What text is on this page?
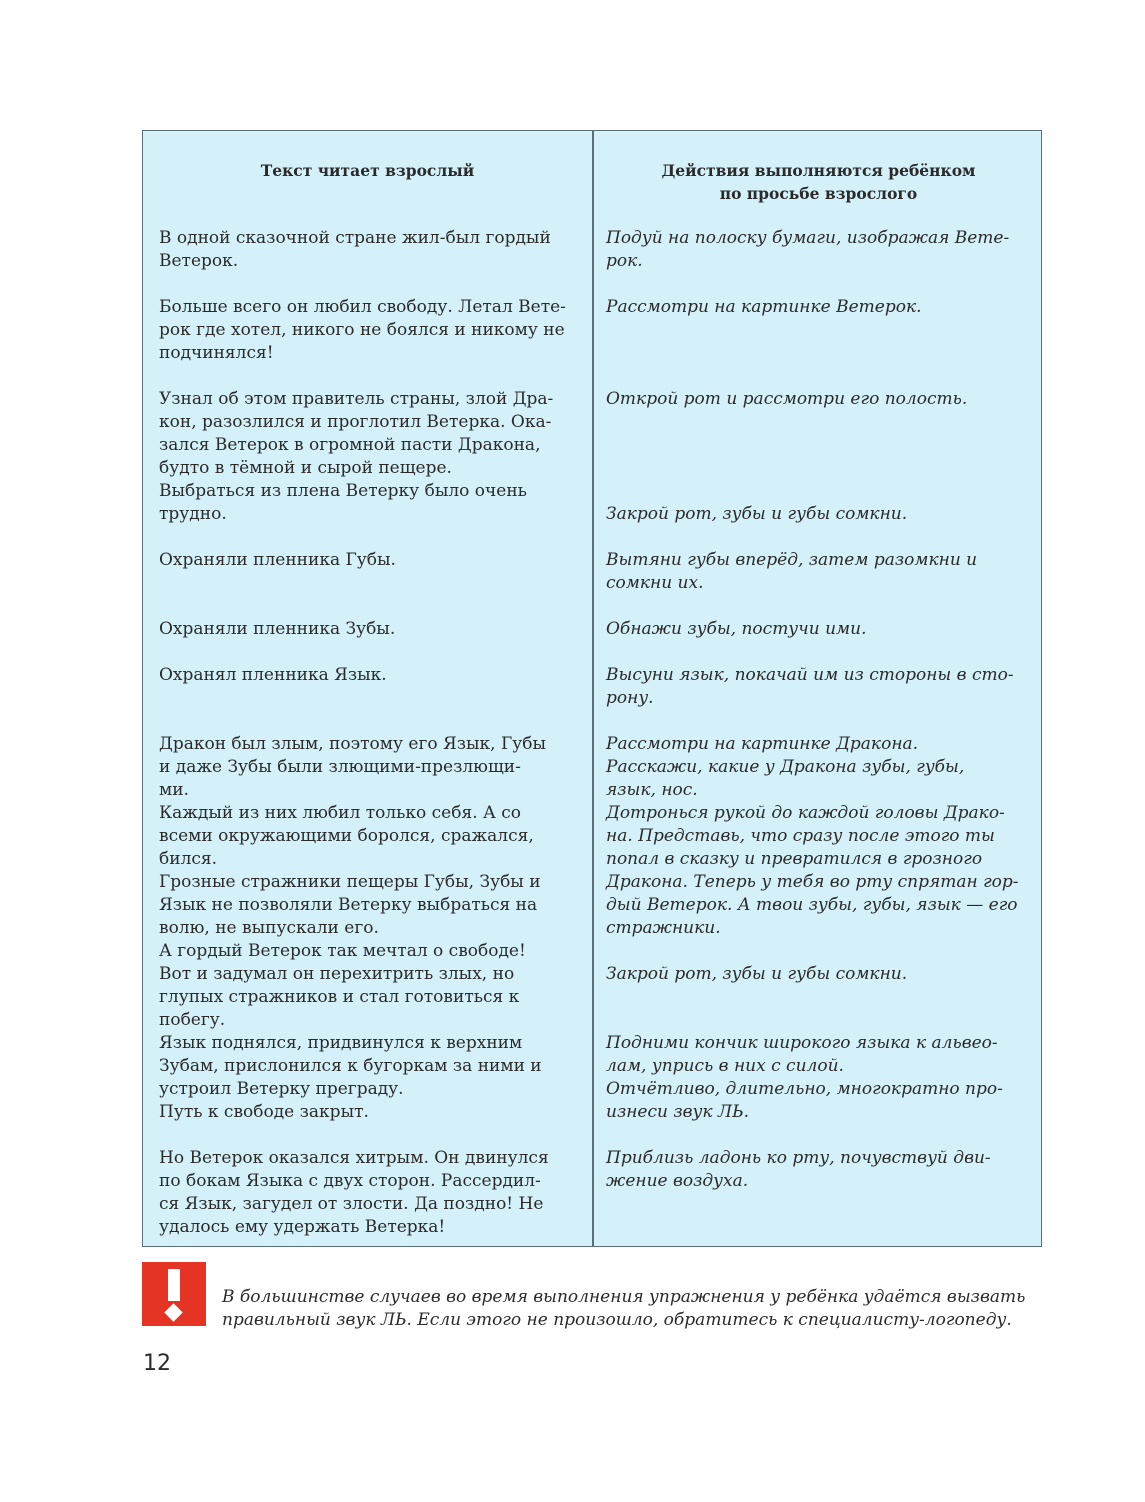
Текст читает взрослый	Действия выполняются ребёнком
по просьбе взрослого
В одной сказочной стране жил-был гордый
Ветерок.
Больше всего он любил свободу. Летал Вете-
рок где хотел, никого не боялся и никому не
подчинялся!
Узнал об этом правитель страны, злой Дра-
кон, разозлился и проглотил Ветерка. Ока-
зался Ветерок в огромной пасти Дракона,
будто в тёмной и сырой пещере.
Выбраться из плена Ветерку было очень
трудно.
Охраняли пленника Губы.
Охраняли пленника Зубы.
Охранял пленника Язык.
Дракон был злым, поэтому его Язык, Губы
и даже Зубы были злющими-презлющи-
ми.
Каждый из них любил только себя. А со
всеми окружающими боролся, сражался,
бился.
Грозные стражники пещеры Губы, Зубы и
Язык не позволяли Ветерку выбраться на
волю, не выпускали его.
А гордый Ветерок так мечтал о свободе!
Вот и задумал он перехитрить злых, но
глупых стражников и стал готовиться к
побегу.
Язык поднялся, придвинулся к верхним
Зубам, прислонился к бугоркам за ними и
устроил Ветерку преграду.
Путь к свободе закрыт.
Но Ветерок оказался хитрым. Он двинулся
по бокам Языка с двух сторон. Рассердил-
ся Язык, загудел от злости. Да поздно! Не
удалось ему удержать Ветерка!
Подуй на полоску бумаги, изображая Вете-
рок.
Рассмотри на картинке Ветерок.
Открой рот и рассмотри его полость.
Закрой рот, зубы и губы сомкни.
Вытяни губы вперёд, затем разомкни и
сомкни их.
Обнажи зубы, постучи ими.
Высуни язык, покачай им из стороны в сто-
рону.
Рассмотри на картинке Дракона.
Расскажи, какие у Дракона зубы, губы,
язык, нос.
Дотронься рукой до каждой головы Драко-
на. Представь, что сразу после этого ты
попал в сказку и превратился в грозного
Дракона. Теперь у тебя во рту спрятан гор-
дый Ветерок. А твои зубы, губы, язык — его
стражники.
Закрой рот, зубы и губы сомкни.
Подними кончик широкого языка к альвео-
лам, упрись в них с силой.
Отчётливо, длительно, многократно про-
изнеси звук ЛЬ.
Приблизь ладонь ко рту, почувствуй дви-
жение воздуха.
В большинстве случаев во время выполнения упражнения у ребёнка удаётся вызвать
правильный звук ЛЬ. Если этого не произошло, обратитесь к специалисту-логопеду.
12
